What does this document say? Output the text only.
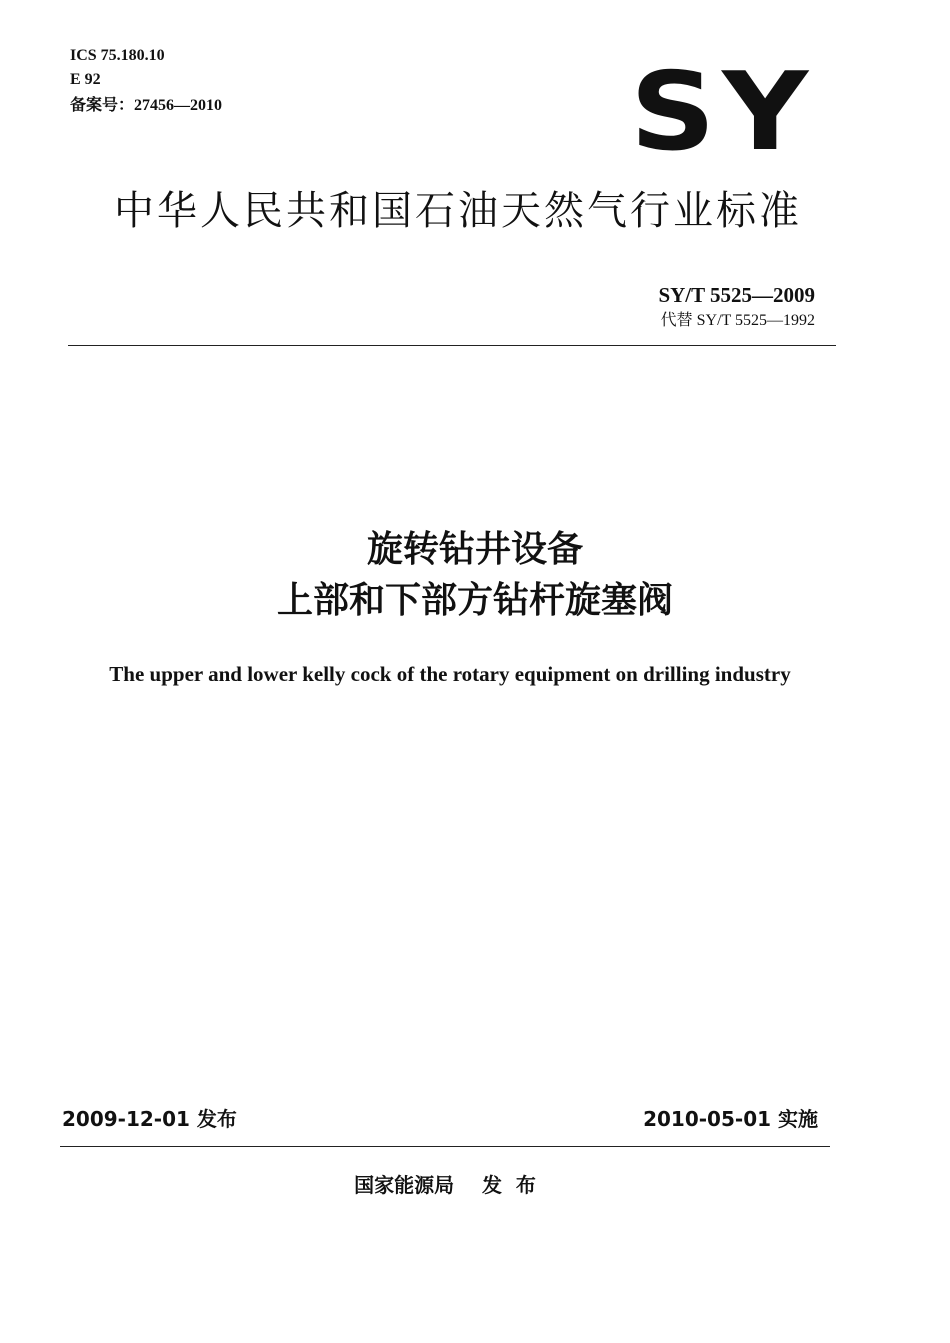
ICS 75.180.10
E 92
备案号：27456—2010	SY
中华人民共和国石油天然气行业标准
SY/T 5525—2009
代替 SY/T 5525—1992
旋转钻井设备
上部和下部方钻杆旋塞阀
The upper and lower kelly cock of the rotary equipment on drilling industry
2009-12-01 发布	2010-05-01 实施
国家能源局    发  布
